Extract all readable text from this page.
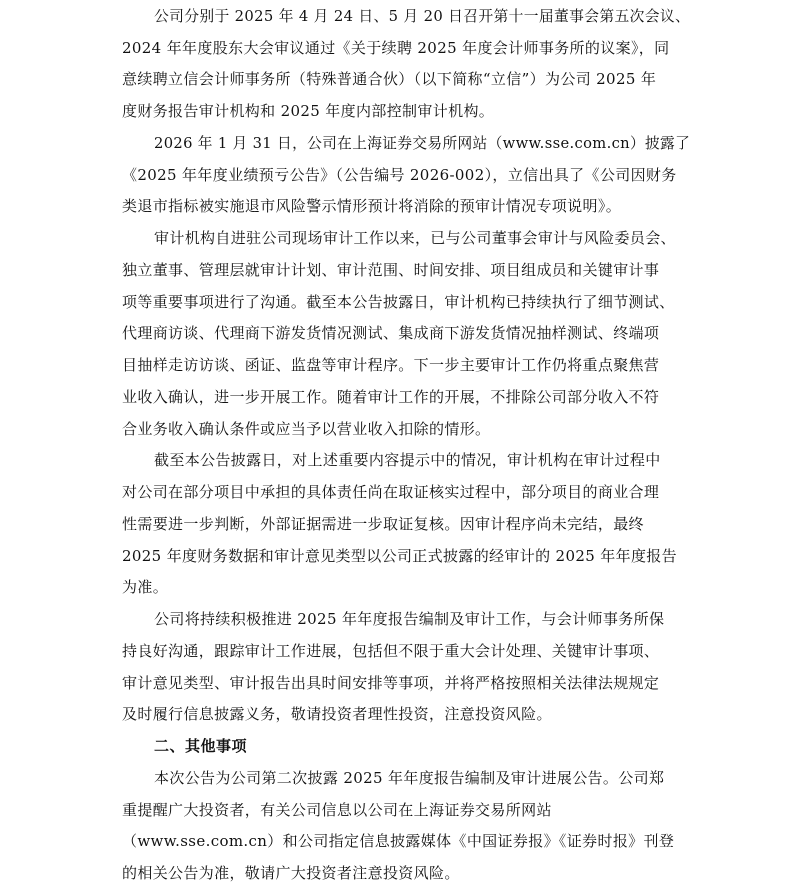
公司分别于 2025 年 4 月 24 日、5 月 20 日召开第十一届董事会第五次会议、
2024 年年度股东大会审议通过《关于续聘 2025 年度会计师事务所的议案》，同
意续聘立信会计师事务所（特殊普通合伙）（以下简称“立信”）为公司 2025 年
度财务报告审计机构和 2025 年度内部控制审计机构。
2026 年 1 月 31 日，公司在上海证券交易所网站（www.sse.com.cn）披露了
《2025 年年度业绩预亏公告》（公告编号 2026-002），立信出具了《公司因财务
类退市指标被实施退市风险警示情形预计将消除的预审计情况专项说明》。
审计机构自进驻公司现场审计工作以来，已与公司董事会审计与风险委员会、
独立董事、管理层就审计计划、审计范围、时间安排、项目组成员和关键审计事
项等重要事项进行了沟通。截至本公告披露日，审计机构已持续执行了细节测试、
代理商访谈、代理商下游发货情况测试、集成商下游发货情况抽样测试、终端项
目抽样走访访谈、函证、监盘等审计程序。下一步主要审计工作仍将重点聚焦营
业收入确认，进一步开展工作。随着审计工作的开展，不排除公司部分收入不符
合业务收入确认条件或应当予以营业收入扣除的情形。
截至本公告披露日，对上述重要内容提示中的情况，审计机构在审计过程中
对公司在部分项目中承担的具体责任尚在取证核实过程中，部分项目的商业合理
性需要进一步判断，外部证据需进一步取证复核。因审计程序尚未完结，最终
2025 年度财务数据和审计意见类型以公司正式披露的经审计的 2025 年年度报告
为准。
公司将持续积极推进 2025 年年度报告编制及审计工作，与会计师事务所保
持良好沟通，跟踪审计工作进展，包括但不限于重大会计处理、关键审计事项、
审计意见类型、审计报告出具时间安排等事项，并将严格按照相关法律法规规定
及时履行信息披露义务，敬请投资者理性投资，注意投资风险。
二、其他事项
本次公告为公司第二次披露 2025 年年度报告编制及审计进展公告。公司郑
重提醒广大投资者，有关公司信息以公司在上海证券交易所网站
（www.sse.com.cn）和公司指定信息披露媒体《中国证券报》《证券时报》刊登
的相关公告为准，敬请广大投资者注意投资风险。
